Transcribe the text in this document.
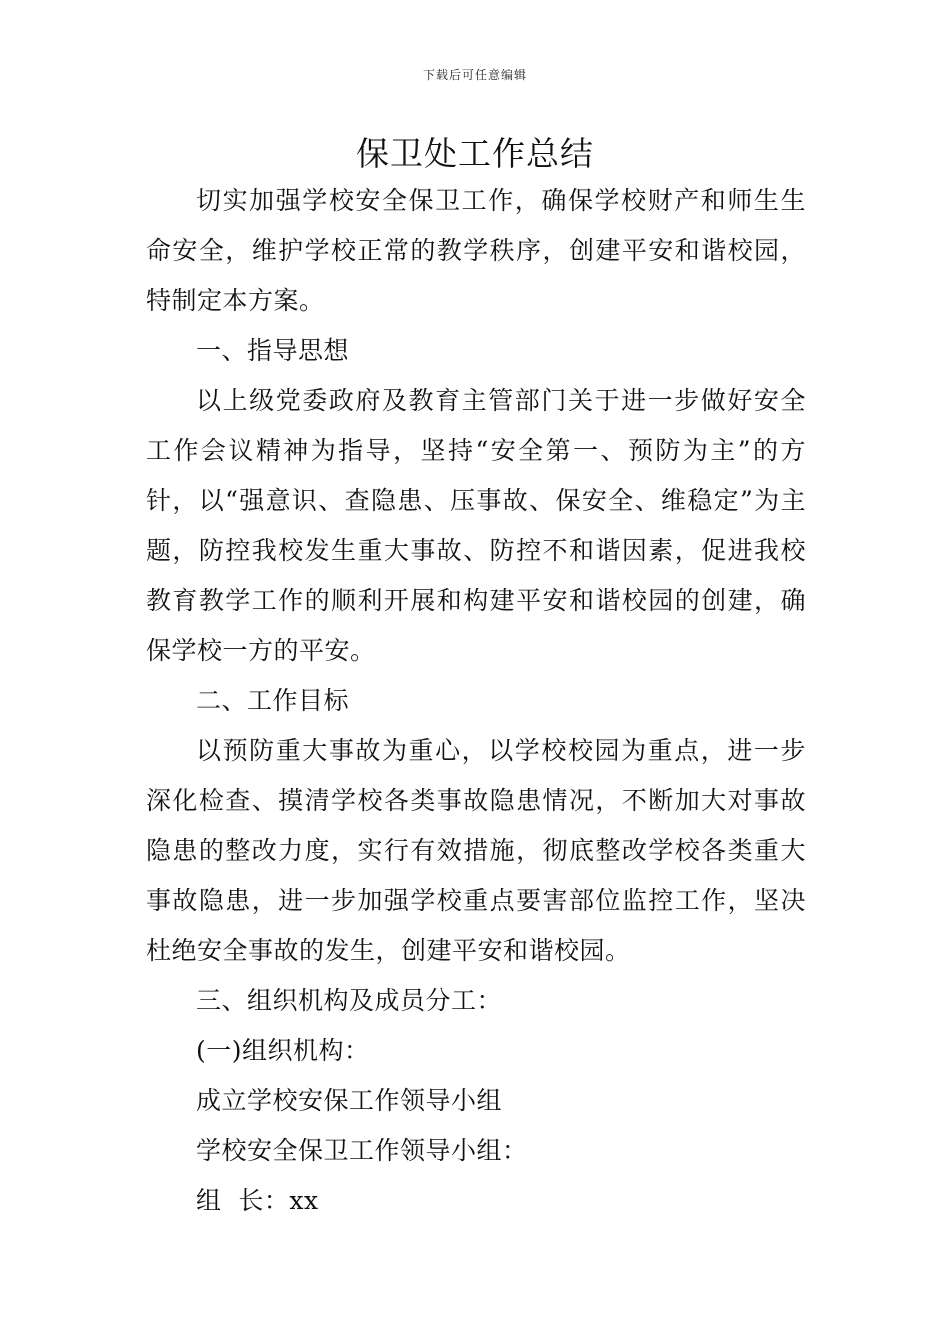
下载后可任意编辑
保卫处工作总结

切实加强学校安全保卫工作，确保学校财产和师生生命安全，维护学校正常的教学秩序，创建平安和谐校园，特制定本方案。

一、指导思想

以上级党委政府及教育主管部门关于进一步做好安全工作会议精神为指导，坚持“安全第一、预防为主”的方针，以“强意识、查隐患、压事故、保安全、维稳定”为主题，防控我校发生重大事故、防控不和谐因素，促进我校教育教学工作的顺利开展和构建平安和谐校园的创建，确保学校一方的平安。

二、工作目标

以预防重大事故为重心，以学校校园为重点，进一步深化检查、摸清学校各类事故隐患情况，不断加大对事故隐患的整改力度，实行有效措施，彻底整改学校各类重大事故隐患，进一步加强学校重点要害部位监控工作，坚决杜绝安全事故的发生，创建平安和谐校园。

三、组织机构及成员分工：

(一)组织机构：

成立学校安保工作领导小组

学校安全保卫工作领导小组：

组  长：xx
